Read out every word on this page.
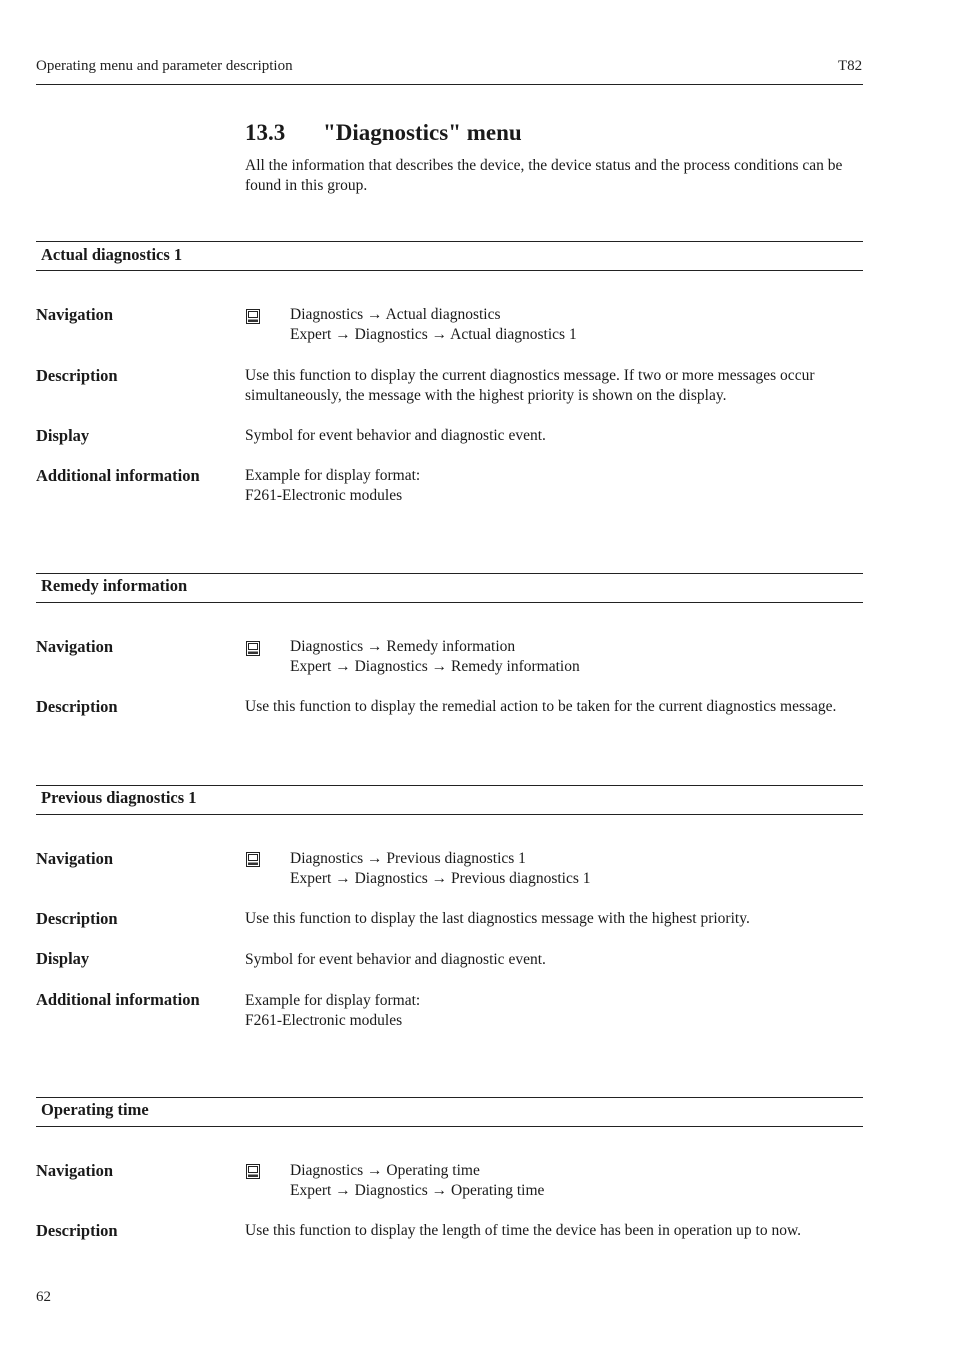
Operating menu and parameter description	T82
13.3 "Diagnostics" menu
All the information that describes the device, the device status and the process conditions can be
found in this group.
Actual diagnostics 1
Navigation	Diagnostics → Actual diagnostics
Expert → Diagnostics → Actual diagnostics 1
Description	Use this function to display the current diagnostics message. If two or more messages occur
simultaneously, the message with the highest priority is shown on the display.
Display	Symbol for event behavior and diagnostic event.
Additional information	Example for display format:
F261-Electronic modules
Remedy information
Navigation	Diagnostics → Remedy information
Expert → Diagnostics → Remedy information
Description	Use this function to display the remedial action to be taken for the current diagnostics message.
Previous diagnostics 1
Navigation	Diagnostics → Previous diagnostics 1
Expert → Diagnostics → Previous diagnostics 1
Description	Use this function to display the last diagnostics message with the highest priority.
Display	Symbol for event behavior and diagnostic event.
Additional information	Example for display format:
F261-Electronic modules
Operating time
Navigation	Diagnostics → Operating time
Expert → Diagnostics → Operating time
Description	Use this function to display the length of time the device has been in operation up to now.
62
